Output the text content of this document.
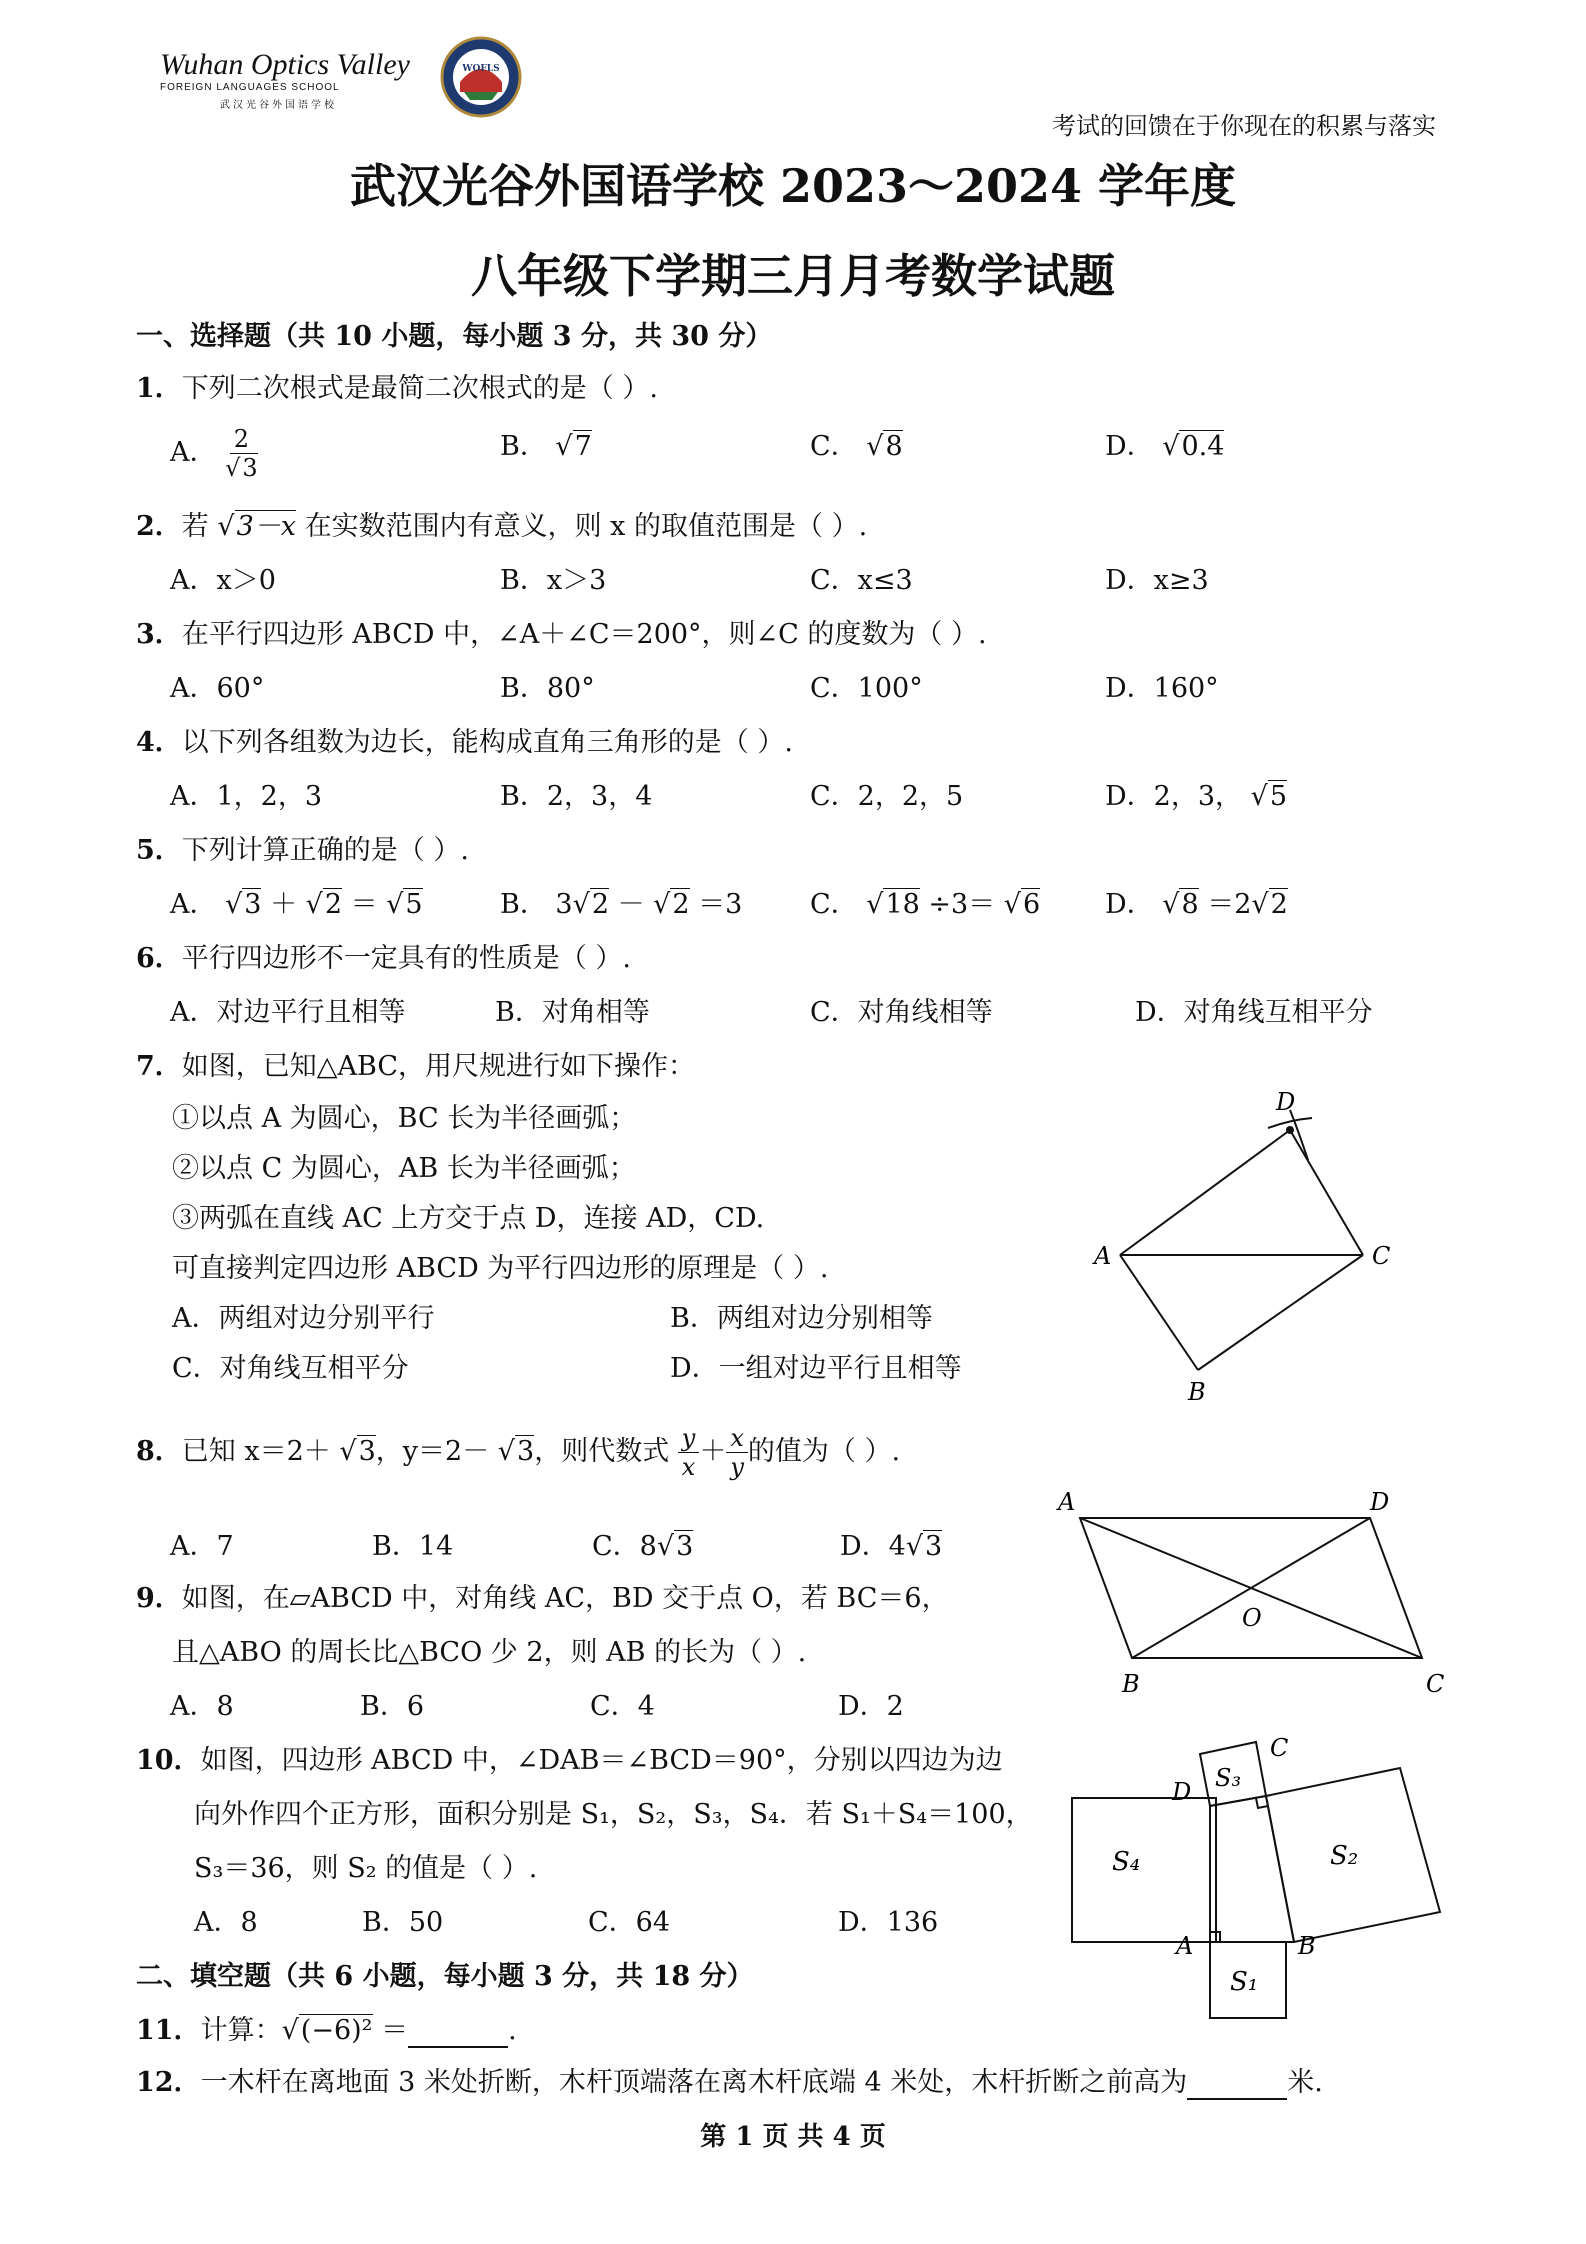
Wuhan Optics Valley
FOREIGN LANGUAGES SCHOOL
武汉光谷外国语学校
WOFLS
考试的回馈在于你现在的积累与落实
武汉光谷外国语学校 2023～2024 学年度
八年级下学期三月月考数学试题
一、选择题（共 10 小题，每小题 3 分，共 30 分）
1．下列二次根式是最简二次根式的是（ ）.
A． $\frac{2}{√3}$	B． √7	C． √8	D． √0.4
2．若 √3－x 在实数范围内有意义，则 x 的取值范围是（ ）.
A．x＞0	B．x＞3	C．x≤3	D．x≥3
3．在平行四边形 ABCD 中，∠A＋∠C＝200°，则∠C 的度数为（ ）.
A．60°	B．80°	C．100°	D．160°
4．以下列各组数为边长，能构成直角三角形的是（ ）.
A．1，2，3	B．2，3，4	C．2，2，5	D．2，3， √5
5．下列计算正确的是（ ）.
A． √3 ＋ √2 ＝ √5	B． 3√2 － √2 ＝3	C． √18 ÷3＝ √6 D． √8 ＝2√2
6．平行四边形不一定具有的性质是（ ）.
A．对边平行且相等	B．对角相等	C．对角线相等	D．对角线互相平分
7．如图，已知△ABC，用尺规进行如下操作：
①以点 A 为圆心，BC 长为半径画弧；
②以点 C 为圆心，AB 长为半径画弧；
③两弧在直线 AC 上方交于点 D，连接 AD，CD.
可直接判定四边形 ABCD 为平行四边形的原理是（ ）.
A．两组对边分别平行	B．两组对边分别相等
C．对角线互相平分	D．一组对边平行且相等
D
A	C
B
8．已知 x＝2＋ √3，y＝2－ √3，则代数式 $\frac{y}{x} + \frac{x}{y}$ 的值为（ ）.
A．7	B．14	C．8√3	D．4√3
A	D
B	C
O
9．如图，在▱ABCD 中，对角线 AC，BD 交于点 O，若 BC＝6，
且△ABO 的周长比△BCO 少 2，则 AB 的长为（ ）.
A．8	B．6	C．4	D．2
10．如图，四边形 ABCD 中，∠DAB＝∠BCD＝90°，分别以四边为边
向外作四个正方形，面积分别是 S₁，S₂，S₃，S₄．若 S₁＋S₄＝100，
S₃＝36，则 S₂ 的值是（ ）.
A．8	B．50	C．64	D．136
D
C
A	B
S₄
S₁
S₃
S₂
二、填空题（共 6 小题，每小题 3 分，共 18 分）
11．计算：√(−6)² ＝	.
12．一木杆在离地面 3 米处折断，木杆顶端落在离木杆底端 4 米处，木杆折断之前高为	米.
第 1 页 共 4 页
